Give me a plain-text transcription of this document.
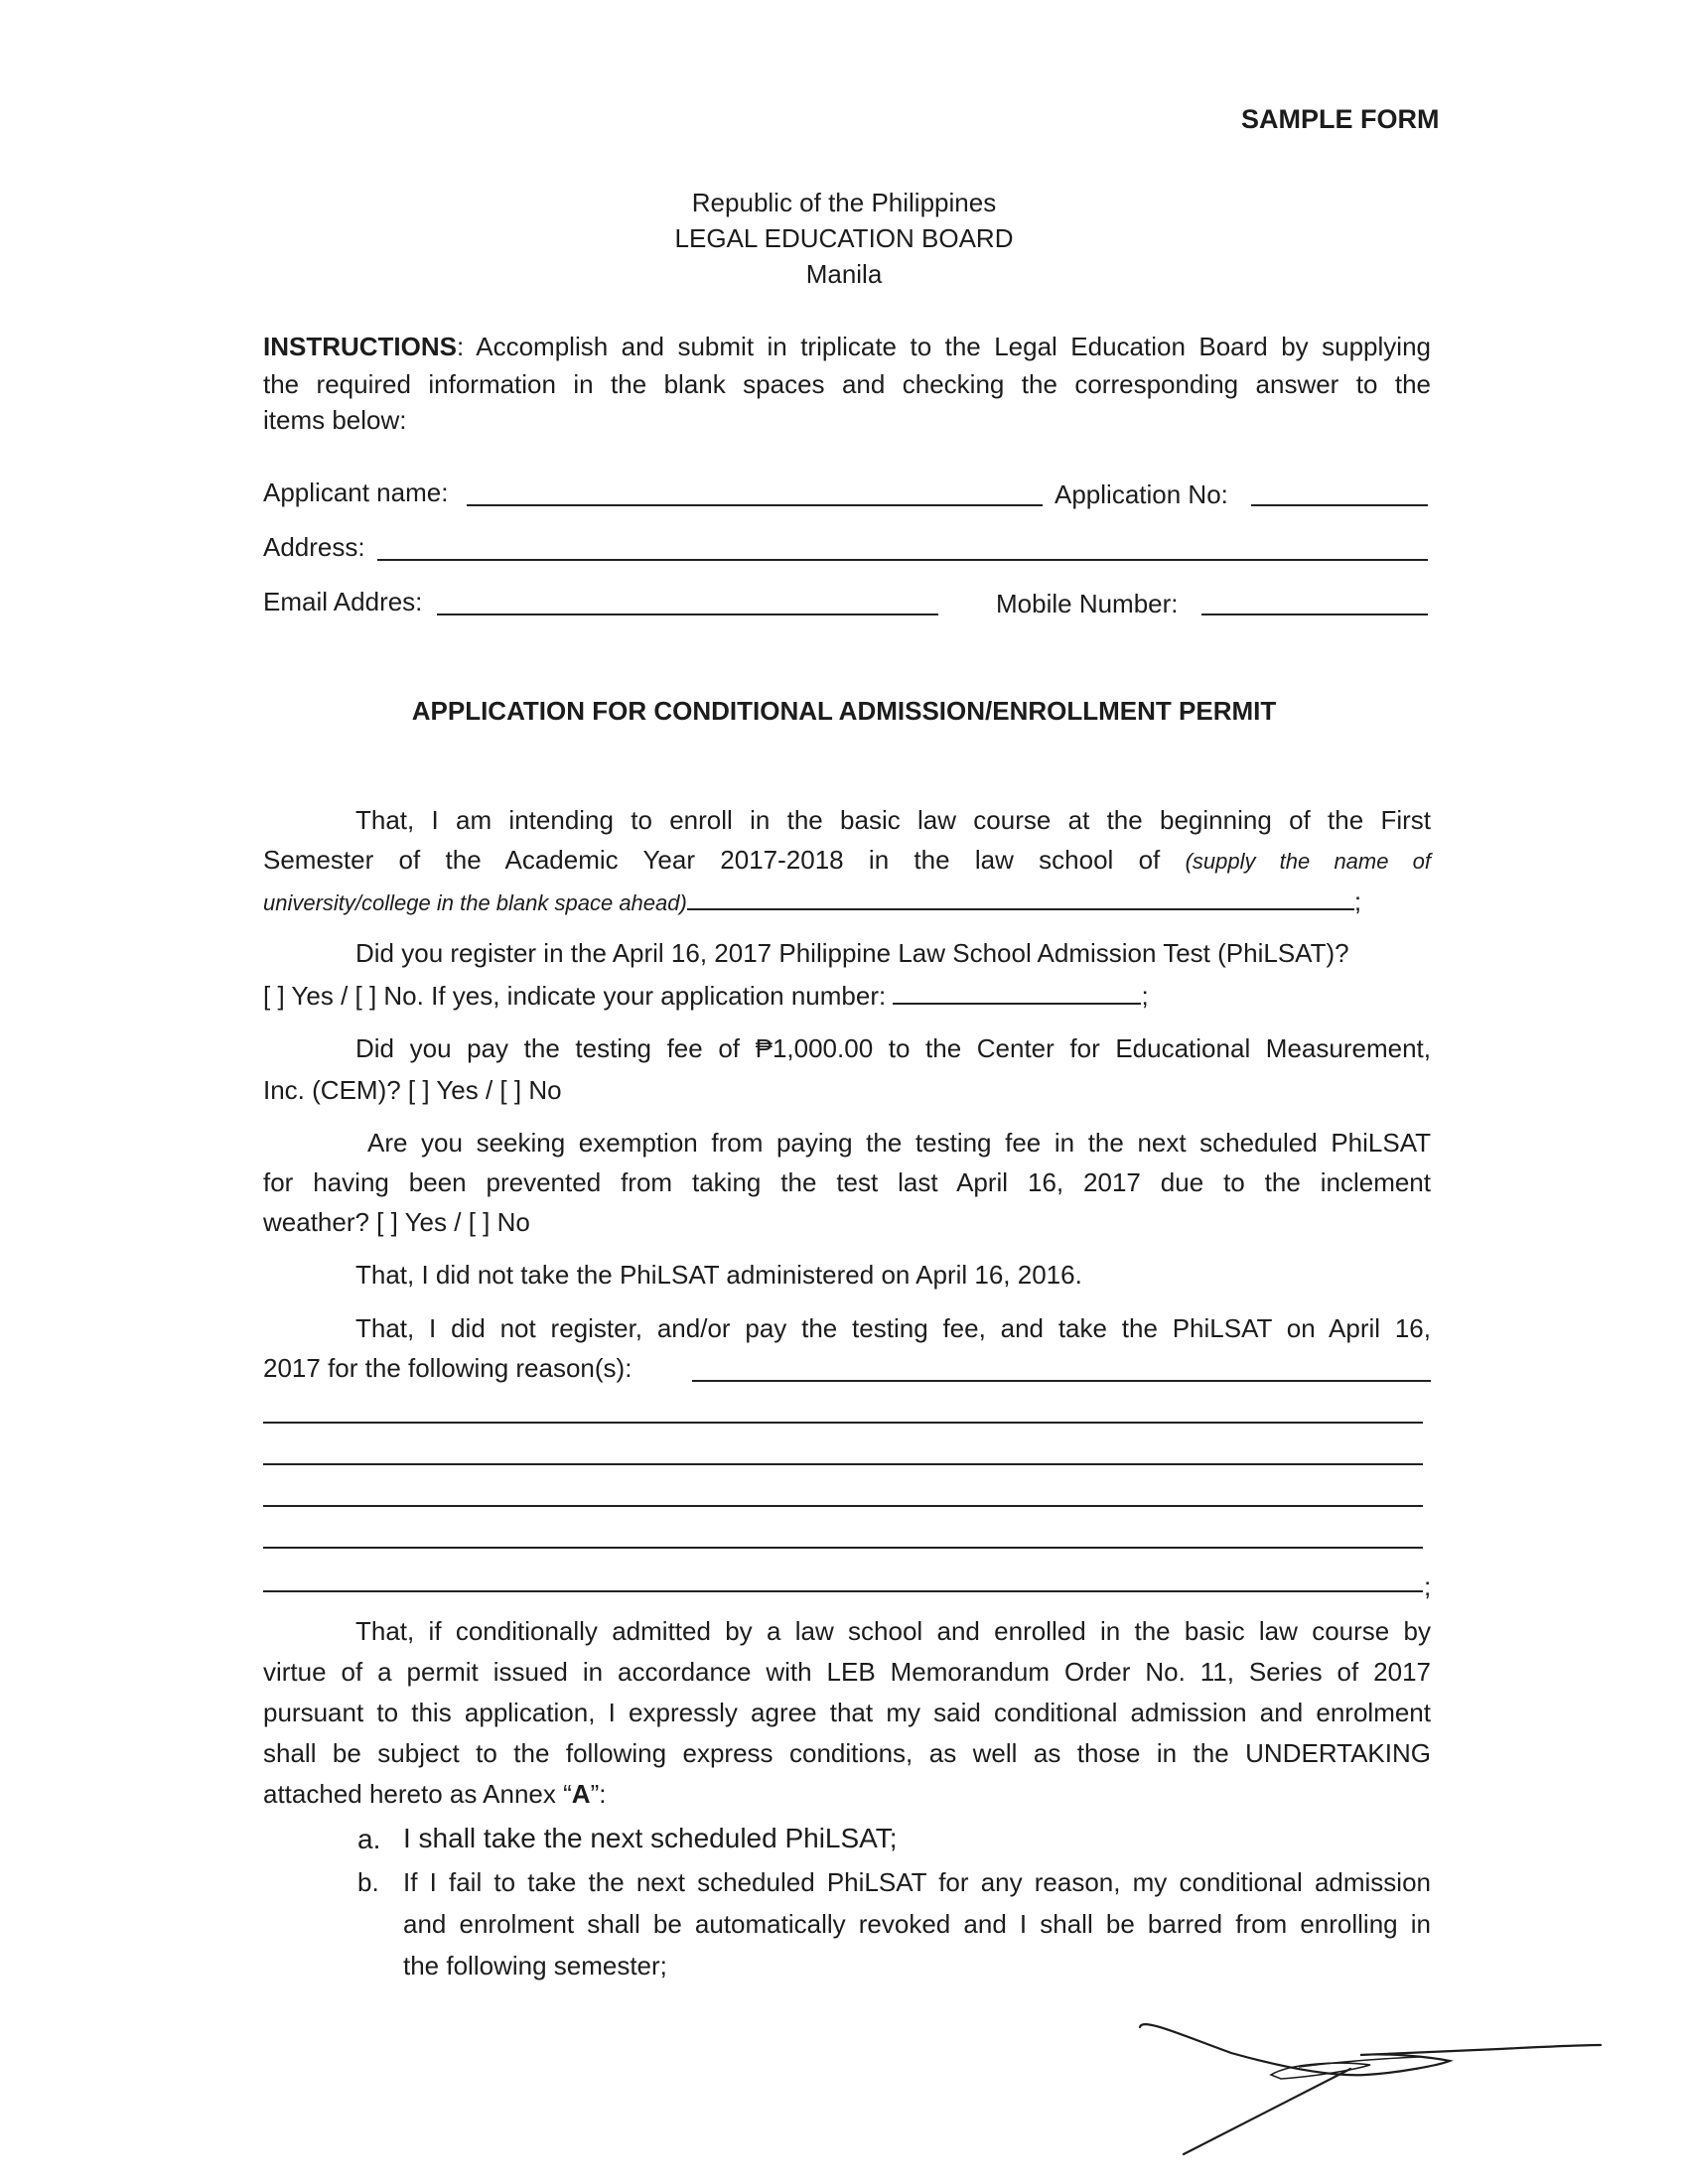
SAMPLE FORM
Republic of the Philippines
LEGAL EDUCATION BOARD
Manila
INSTRUCTIONS: Accomplish and submit in triplicate to the Legal Education Board by supplying
the required information in the blank spaces and checking the corresponding answer to the
items below:
Applicant name:	Application No:
Address:
Email Addres:	Mobile Number:
APPLICATION FOR CONDITIONAL ADMISSION/ENROLLMENT PERMIT
That, I am intending to enroll in the basic law course at the beginning of the First
Semester of the Academic Year 2017-2018 in the law school of (supply the name of
university/college in the blank space ahead)	;
Did you register in the April 16, 2017 Philippine Law School Admission Test (PhiLSAT)?
[ ] Yes / [ ] No. If yes, indicate your application number:	;
Did you pay the testing fee of ₱1,000.00 to the Center for Educational Measurement,
Inc. (CEM)? [ ] Yes / [ ] No
Are you seeking exemption from paying the testing fee in the next scheduled PhiLSAT
for having been prevented from taking the test last April 16, 2017 due to the inclement
weather? [ ] Yes / [ ] No
That, I did not take the PhiLSAT administered on April 16, 2016.
That, I did not register, and/or pay the testing fee, and take the PhiLSAT on April 16,
2017 for the following reason(s):
;
That, if conditionally admitted by a law school and enrolled in the basic law course by
virtue of a permit issued in accordance with LEB Memorandum Order No. 11, Series of 2017
pursuant to this application, I expressly agree that my said conditional admission and enrolment
shall be subject to the following express conditions, as well as those in the UNDERTAKING
attached hereto as Annex “A”:
a. I shall take the next scheduled PhiLSAT;
b. If I fail to take the next scheduled PhiLSAT for any reason, my conditional admission
and enrolment shall be automatically revoked and I shall be barred from enrolling in
the following semester;
